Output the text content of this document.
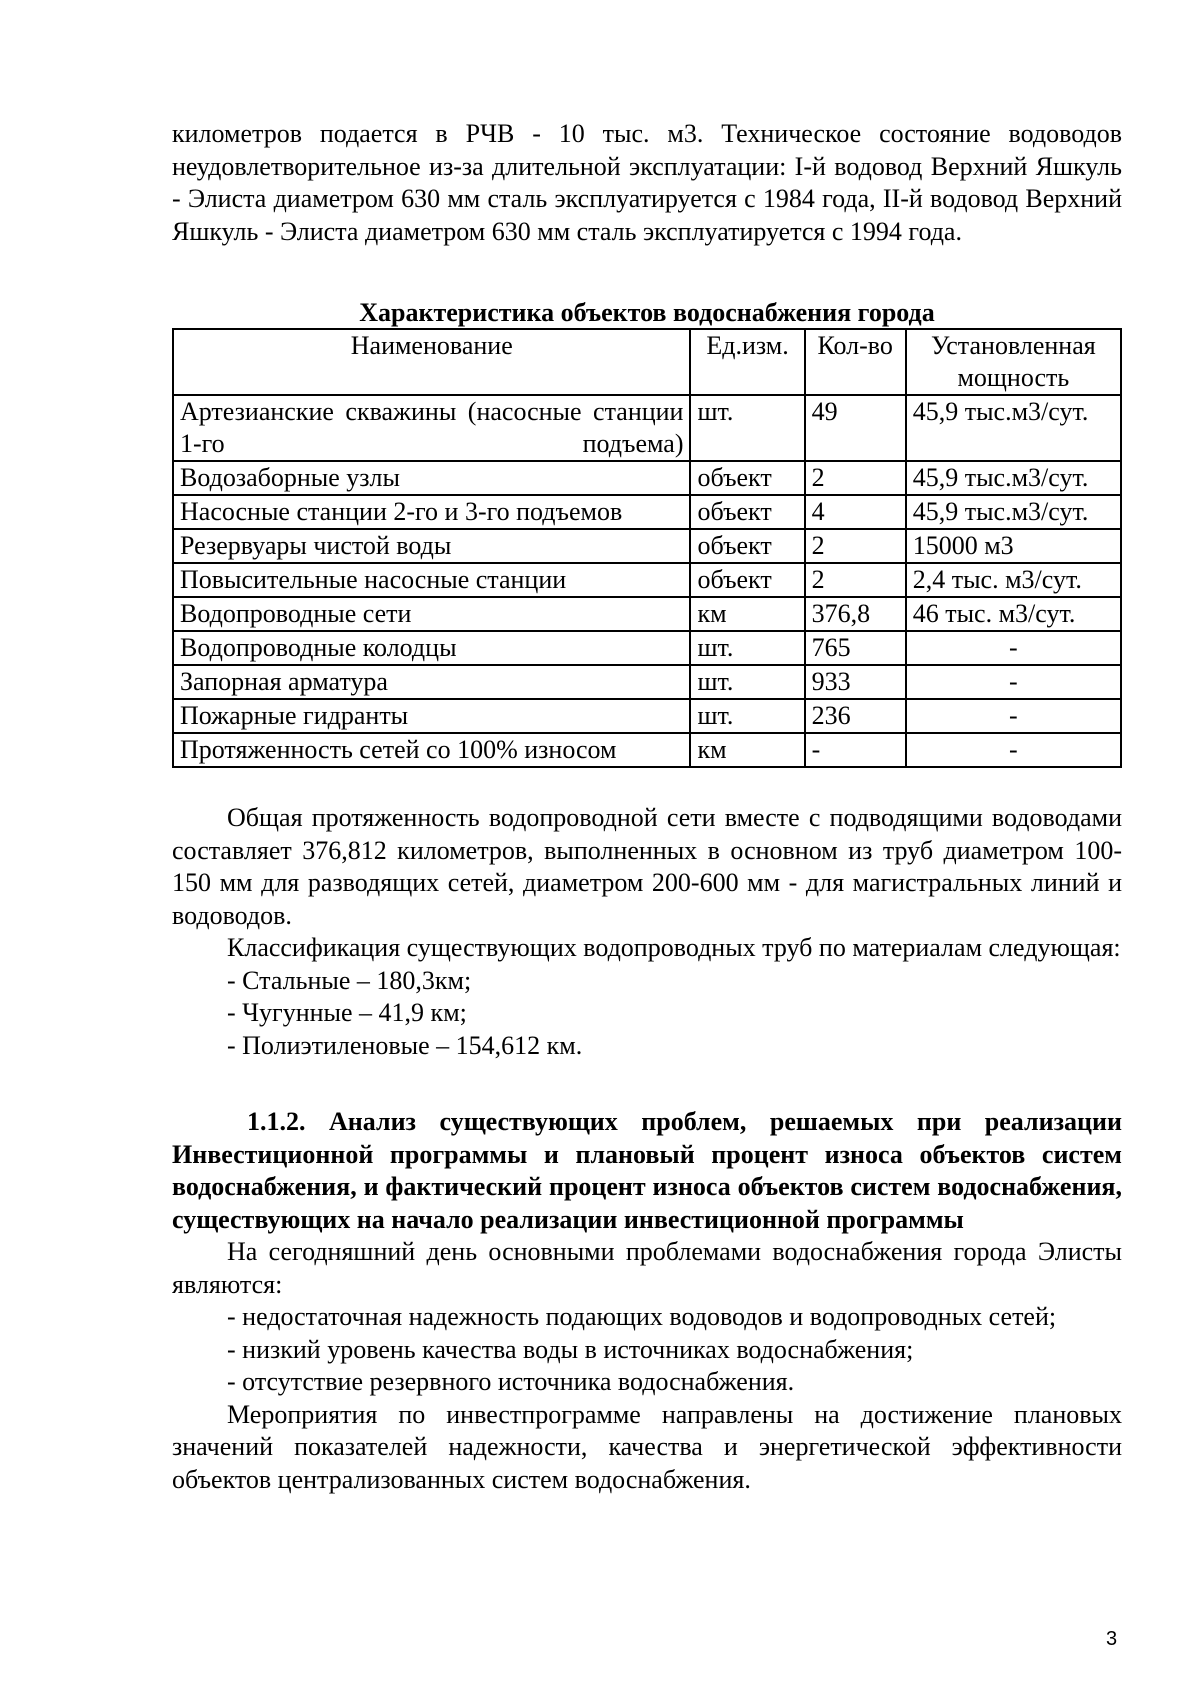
километров подается в РЧВ - 10 тыс. м3. Техническое состояние водоводов неудовлетворительное из-за длительной эксплуатации: I-й водовод Верхний Яшкуль - Элиста диаметром 630 мм сталь эксплуатируется с 1984 года, II-й водовод Верхний Яшкуль - Элиста диаметром 630 мм сталь эксплуатируется с 1994 года.

Характеристика объектов водоснабжения города
Наименование	Ед.изм.	Кол-во	Установленная мощность
Артезианские скважины (насосные станции 1-го подъема)	шт.	49	45,9 тыс.м3/сут.
Водозаборные узлы	объект	2	45,9 тыс.м3/сут.
Насосные станции 2-го и 3-го подъемов	объект	4	45,9 тыс.м3/сут.
Резервуары чистой воды	объект	2	15000 м3
Повысительные насосные станции	объект	2	2,4 тыс. м3/сут.
Водопроводные сети	км	376,8	46 тыс. м3/сут.
Водопроводные колодцы	шт.	765	-
Запорная арматура	шт.	933	-
Пожарные гидранты	шт.	236	-
Протяженность сетей со 100% износом	км	-	-

Общая протяженность водопроводной сети вместе с подводящими водоводами составляет 376,812 километров, выполненных в основном из труб диаметром 100-150 мм для разводящих сетей, диаметром 200-600 мм - для магистральных линий и водоводов.

Классификация существующих водопроводных труб по материалам следующая:

- Стальные – 180,3км;

- Чугунные – 41,9 км;

- Полиэтиленовые – 154,612 км.

1.1.2. Анализ существующих проблем, решаемых при реализации Инвестиционной программы и плановый процент износа объектов систем водоснабжения, и фактический процент износа объектов систем водоснабжения, существующих на начало реализации инвестиционной программы

На сегодняшний день основными проблемами водоснабжения города Элисты являются:

- недостаточная надежность подающих водоводов и водопроводных сетей;

- низкий уровень качества воды в источниках водоснабжения;

- отсутствие резервного источника водоснабжения.

Мероприятия по инвестпрограмме направлены на достижение плановых значений показателей надежности, качества и энергетической эффективности объектов централизованных систем водоснабжения.

3
